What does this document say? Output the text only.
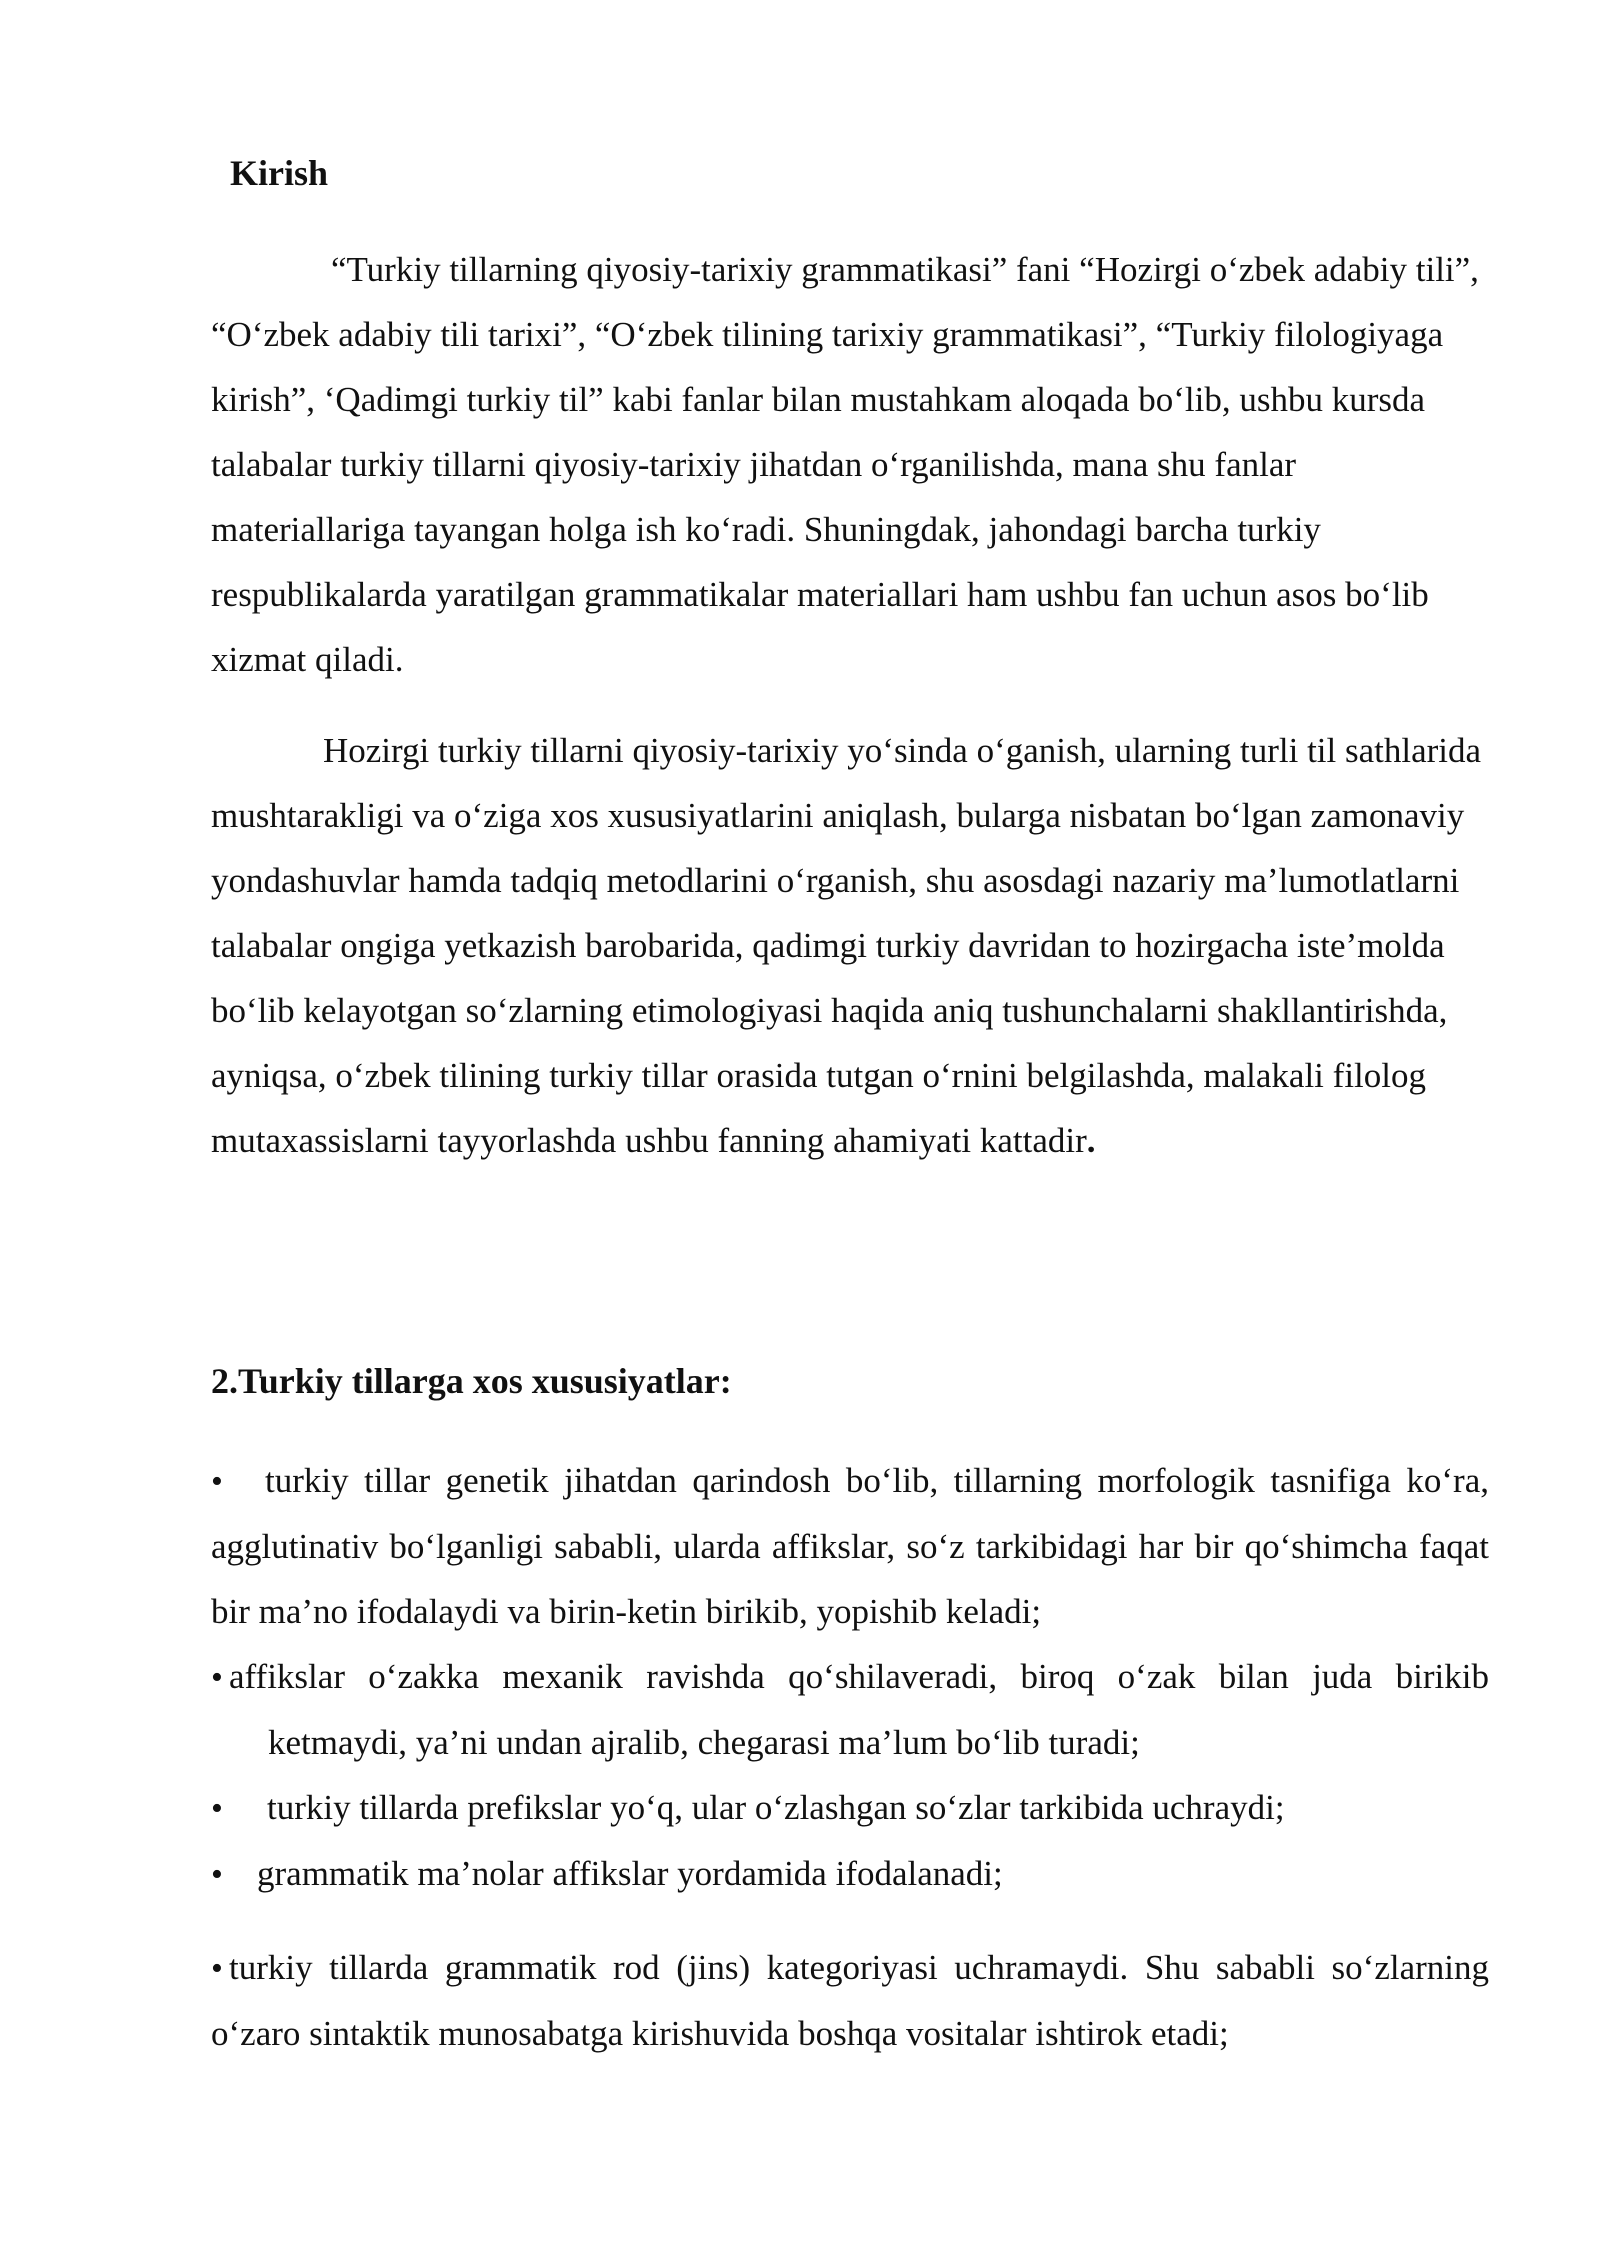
Kirish

“Turkiy tillarning qiyosiy-tarixiy grammatikasi” fani “Hozirgi o‘zbek adabiy tili”, “O‘zbek adabiy tili tarixi”, “O‘zbek tilining tarixiy grammatikasi”, “Turkiy filologiyaga kirish”, ‘Qadimgi turkiy til” kabi fanlar bilan mustahkam aloqada bo‘lib, ushbu kursda talabalar turkiy tillarni qiyosiy-tarixiy jihatdan o‘rganilishda, mana shu fanlar materiallariga tayangan holga ish ko‘radi. Shuningdak, jahondagi barcha turkiy respublikalarda yaratilgan grammatikalar materiallari ham ushbu fan uchun asos bo‘lib xizmat qiladi.

Hozirgi turkiy tillarni qiyosiy-tarixiy yo‘sinda o‘ganish, ularning turli til sathlarida mushtarakligi va o‘ziga xos xususiyatlarini aniqlash, bularga nisbatan bo‘lgan zamonaviy yondashuvlar hamda tadqiq metodlarini o‘rganish, shu asosdagi nazariy ma’lumotlatlarni talabalar ongiga yetkazish barobarida, qadimgi turkiy davridan to hozirgacha iste’molda bo‘lib kelayotgan so‘zlarning etimologiyasi haqida aniq tushunchalarni shakllantirishda, ayniqsa, o‘zbek tilining turkiy tillar orasida tutgan o‘rnini belgilashda, malakali filolog mutaxassislarni tayyorlashda ushbu fanning ahamiyati kattadir.

2.Turkiy tillarga xos xususiyatlar:
• turkiy tillar genetik jihatdan qarindosh bo‘lib, tillarning morfologik tasnifiga ko‘ra, agglutinativ bo‘lganligi sababli, ularda affikslar, so‘z tarkibidagi har bir qo‘shimcha faqat bir ma’no ifodalaydi va birin-ketin birikib, yopishib keladi;
• affikslar o‘zakka mexanik ravishda qo‘shilaveradi, biroq o‘zak bilan juda birikib
ketmaydi, ya’ni undan ajralib, chegarasi ma’lum bo‘lib turadi;
• turkiy tillarda prefikslar yo‘q, ular o‘zlashgan so‘zlar tarkibida uchraydi;
• grammatik ma’nolar affikslar yordamida ifodalanadi;
• turkiy tillarda grammatik rod (jins) kategoriyasi uchramaydi. Shu sababli so‘zlarning o‘zaro sintaktik munosabatga kirishuvida boshqa vositalar ishtirok etadi;
